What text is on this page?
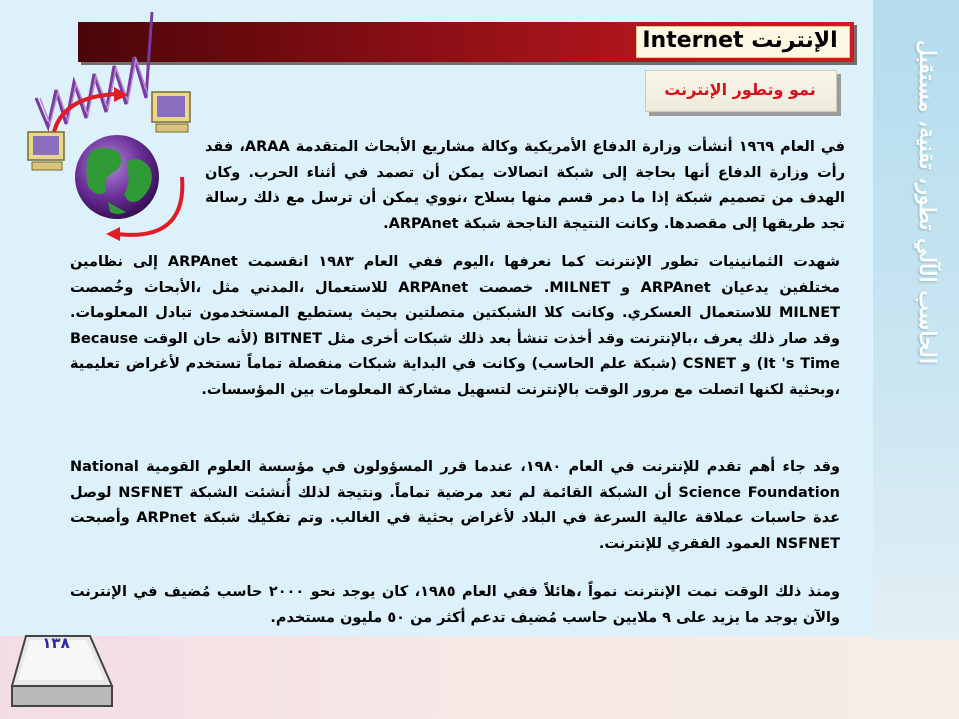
الحاسب الآلي تطور، تقنية، مستقبل
الإنترنت Internet
نمو وتطور الإنترنت
WWW

في العام ١٩٦٩ أنشأت وزارة الدفاع الأمريكية وكالة مشاريع الأبحاث المتقدمة ARAA، فقد رأت وزارة الدفاع أنها بحاجة إلى شبكة اتصالات يمكن أن تصمد في أثناء الحرب. وكان الهدف من تصميم شبكة إذا ما دمر قسم منها بسلاح ،نووي يمكن أن ترسل مع ذلك رسالة تجد طريقها إلى مقصدها. وكانت النتيجة الناجحة شبكة ARPAnet.

شهدت الثمانينيات تطور الإنترنت كما نعرفها ،اليوم ففي العام ١٩٨٣ انقسمت ARPAnet إلى نظامين مختلفين يدعيان ARPAnet و MILNET. خصصت ARPAnet للاستعمال ،المدني مثل ،الأبحاث وخُصصت MILNET للاستعمال العسكري. وكانت كلا الشبكتين متصلتين بحيث يستطيع المستخدمون تبادل المعلومات. وقد صار ذلك يعرف ،بالإنترنت وقد أخذت تنشأ بعد ذلك شبكات أخرى مثل BITNET (لأنه حان الوقت Because It 's Time) و CSNET (شبكة علم الحاسب) وكانت في البداية شبكات منفصلة تماماً تستخدم لأغراض تعليمية ،وبحثية لكنها اتصلت مع مرور الوقت بالإنترنت لتسهيل مشاركة المعلومات بين المؤسسات.

وقد جاء أهم تقدم للإنترنت في العام ١٩٨٠، عندما قرر المسؤولون في مؤسسة العلوم القومية National Science Foundation أن الشبكة القائمة لم تعد مرضية تماماً. ونتيجة لذلك أُنشئت الشبكة NSFNET لوصل عدة حاسبات عملاقة عالية السرعة في البلاد لأغراض بحثية في الغالب. وتم تفكيك شبكة ARPnet وأصبحت NSFNET العمود الفقري للإنترنت.

ومنذ ذلك الوقت نمت الإنترنت نمواً ،هائلاً ففي العام ١٩٨٥، كان يوجد نحو ٢٠٠٠ حاسب مُضيف في الإنترنت والآن يوجد ما يزيد على ٩ ملايين حاسب مُضيف تدعم أكثر من ٥٠ مليون مستخدم.

١٣٨
